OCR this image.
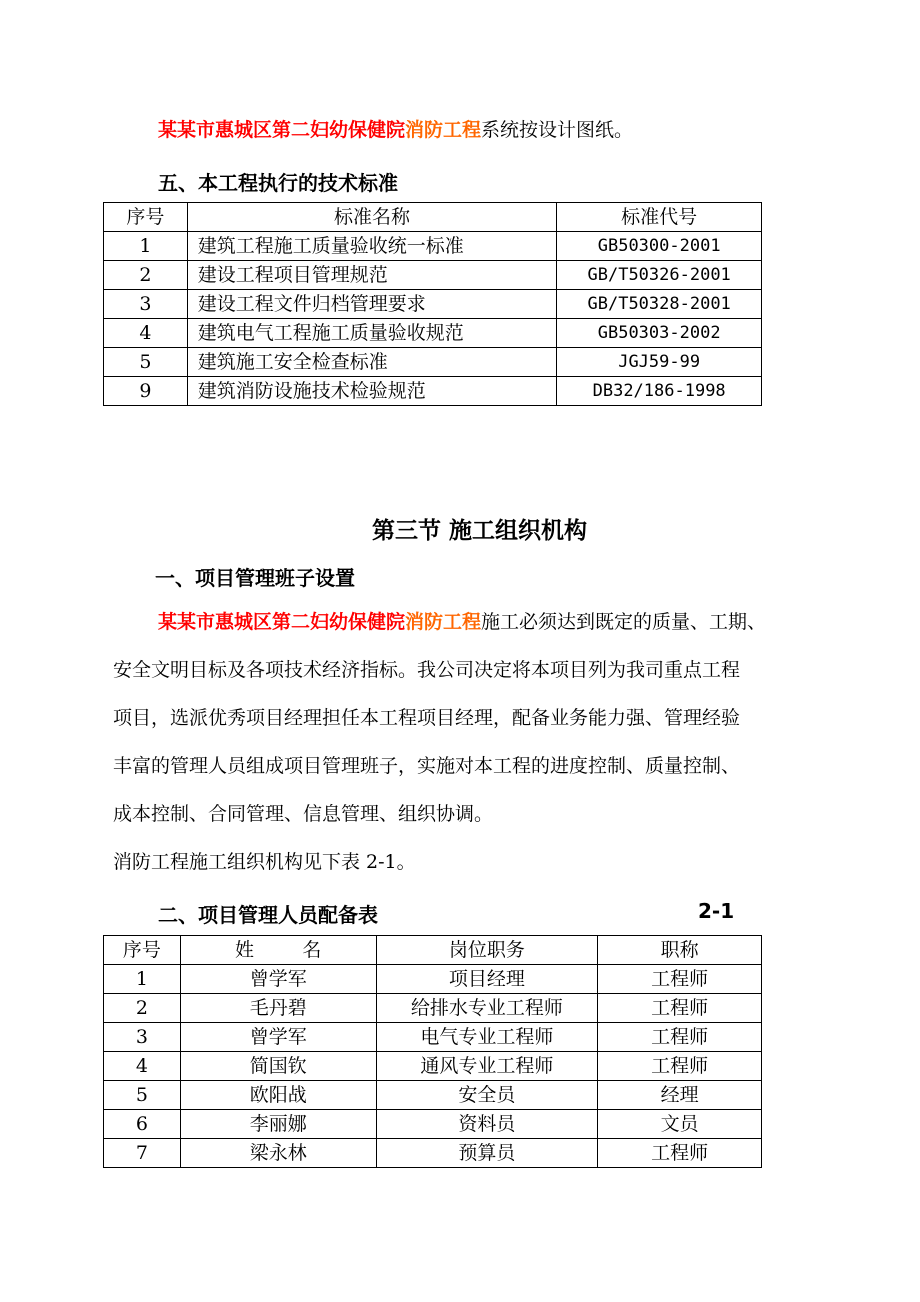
某某市惠城区第二妇幼保健院消防工程系统按设计图纸。
五、本工程执行的技术标准
序号	标准名称	标准代号
1	建筑工程施工质量验收统一标准	GB50300-2001
2	建设工程项目管理规范	GB/T50326-2001
3	建设工程文件归档管理要求	GB/T50328-2001
4	建筑电气工程施工质量验收规范	GB50303-2002
5	建筑施工安全检查标准	JGJ59-99
9	建筑消防设施技术检验规范	DB32/186-1998
第三节 施工组织机构
一、项目管理班子设置
某某市惠城区第二妇幼保健院消防工程施工必须达到既定的质量、工期、
安全文明目标及各项技术经济指标。我公司决定将本项目列为我司重点工程
项目，选派优秀项目经理担任本工程项目经理，配备业务能力强、管理经验
丰富的管理人员组成项目管理班子，实施对本工程的进度控制、质量控制、
成本控制、合同管理、信息管理、组织协调。
消防工程施工组织机构见下表 2-1。
二、项目管理人员配备表	2-1
序号	姓        名	岗位职务	职称
1	曾学军	项目经理	工程师
2	毛丹碧	给排水专业工程师	工程师
3	曾学军	电气专业工程师	工程师
4	简国钦	通风专业工程师	工程师
5	欧阳战	安全员	经理
6	李丽娜	资料员	文员
7	梁永林	预算员	工程师
